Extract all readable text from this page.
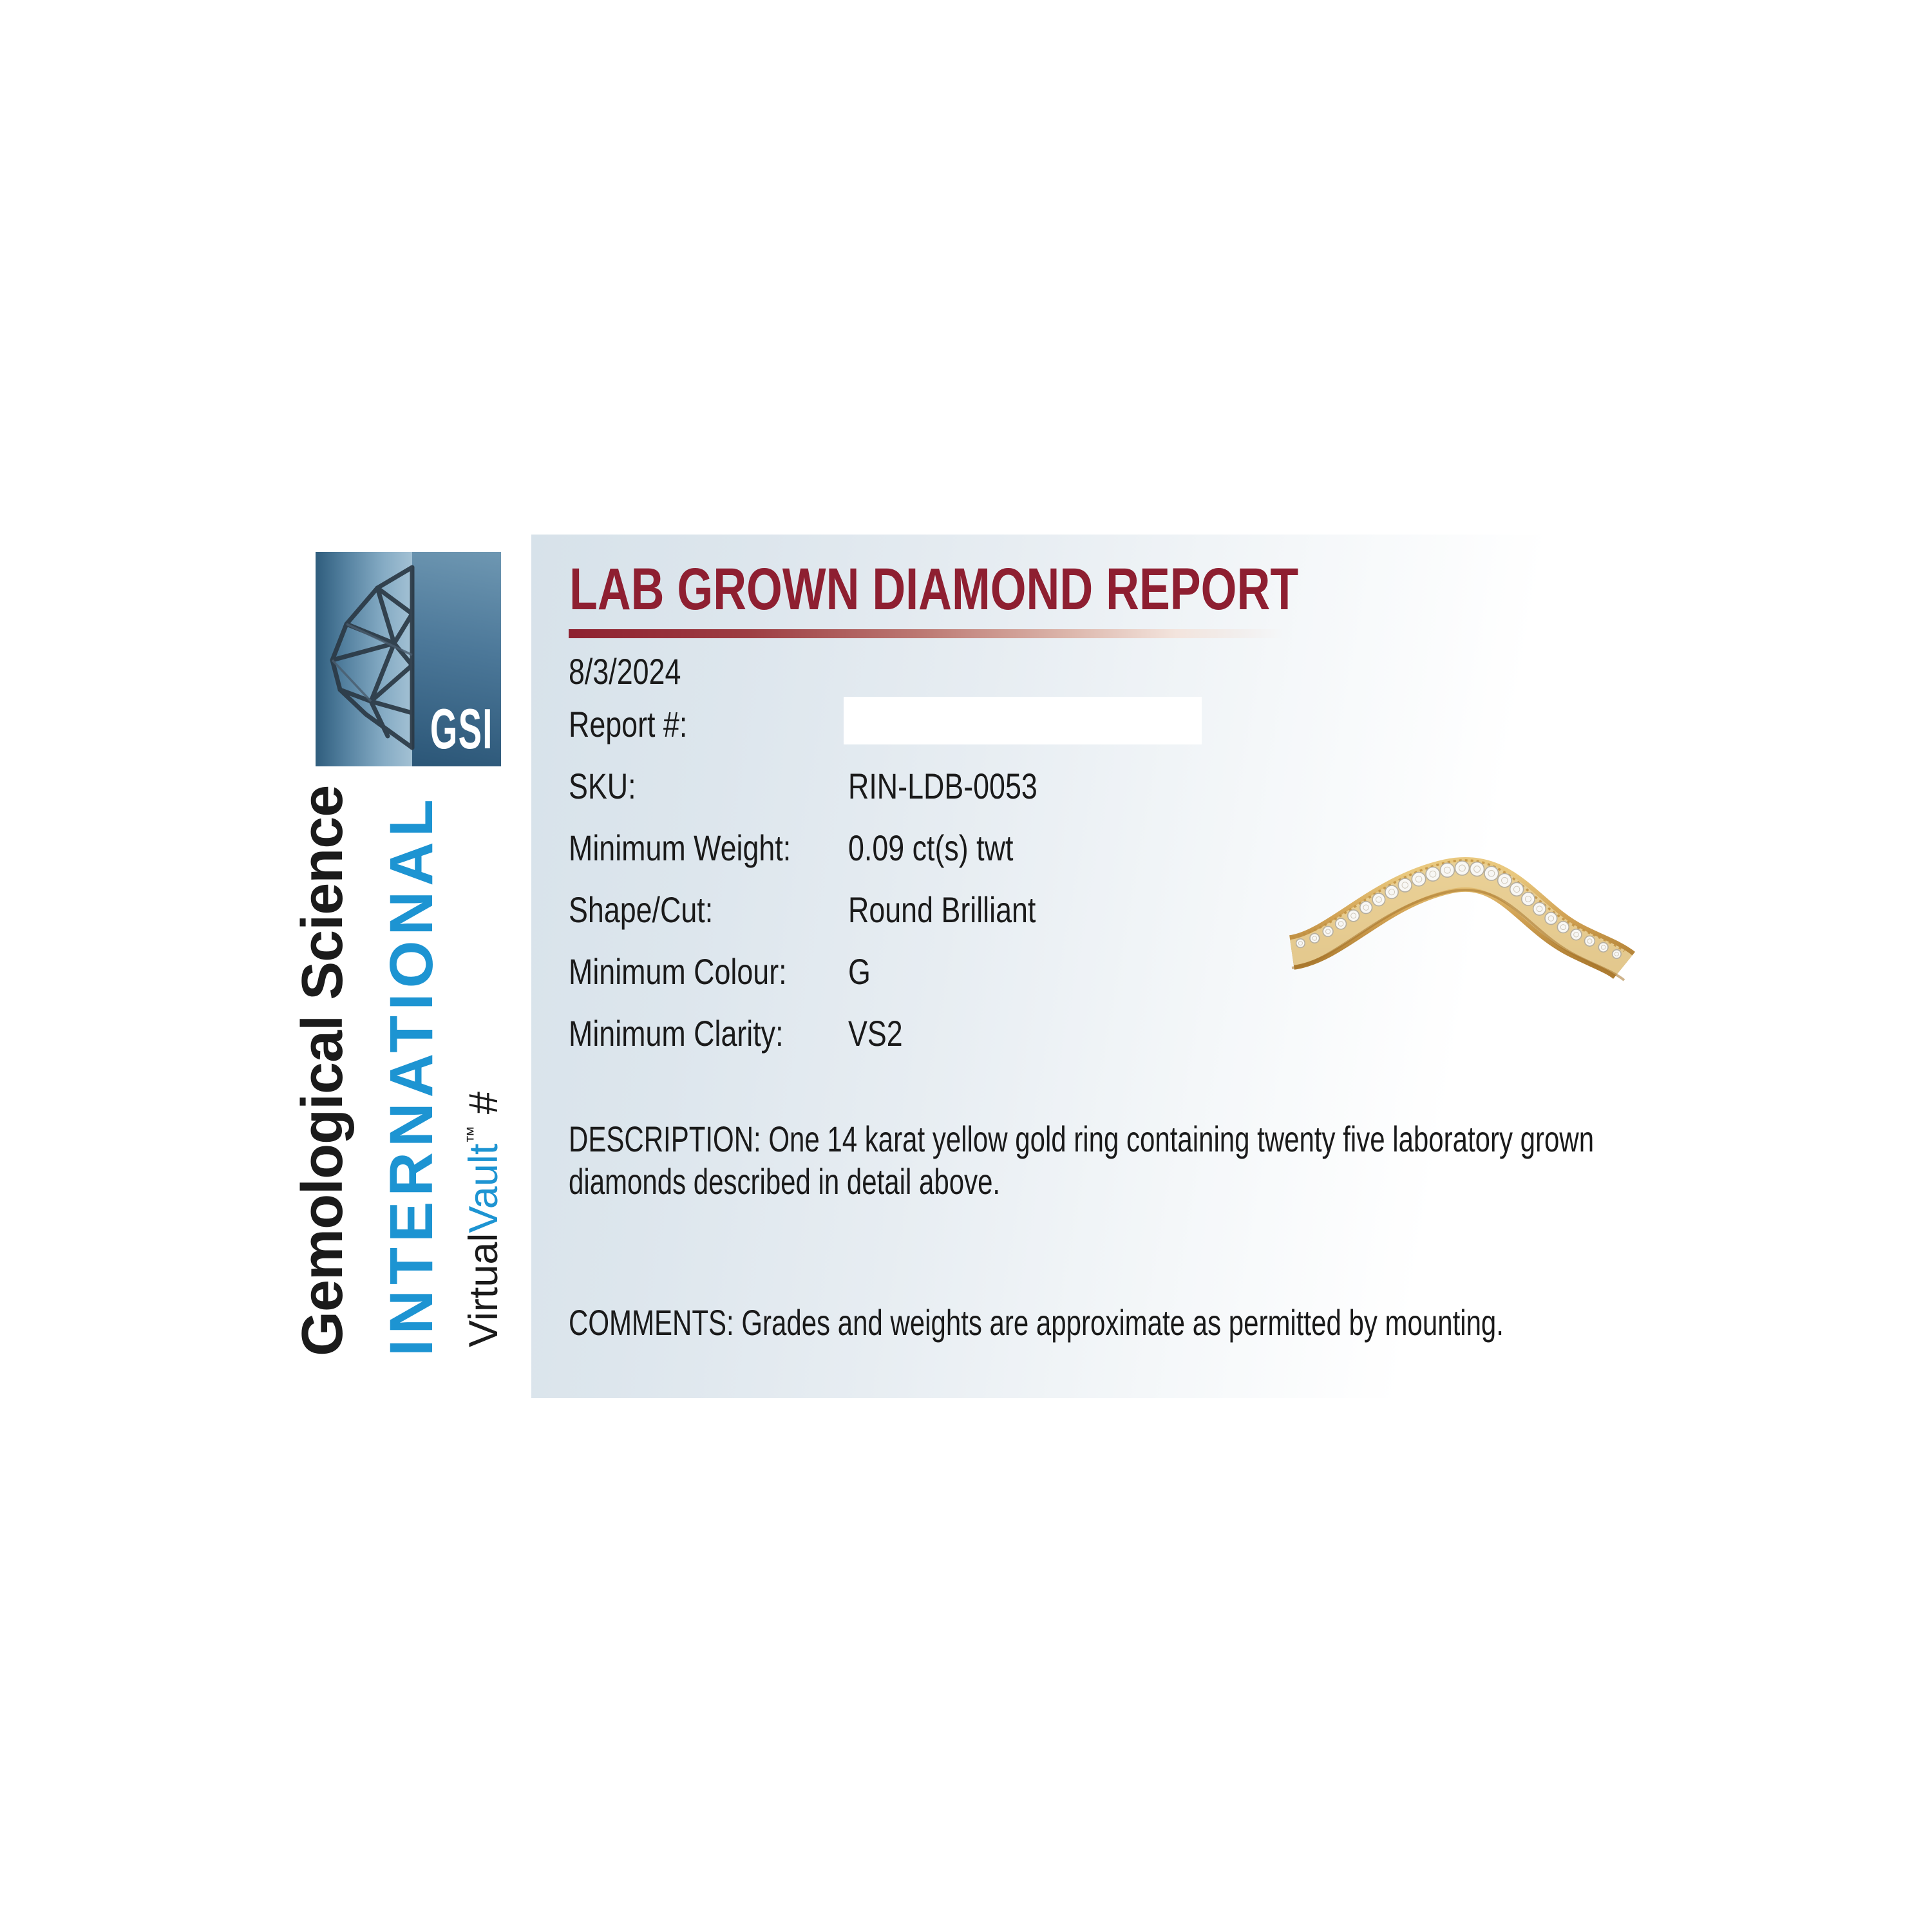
GSI
Gemological Science INTERNATIONAL VirtualVault™ #
LAB GROWN DIAMOND REPORT
8/3/2024
Report #:
SKU:	RIN-LDB-0053
Minimum Weight: 0.09 ct(s) twt
Shape/Cut:	Round Brilliant
Minimum Colour: G
Minimum Clarity: VS2
DESCRIPTION: One 14 karat yellow gold ring containing twenty five laboratory grown
diamonds described in detail above.
COMMENTS: Grades and weights are approximate as permitted by mounting.
